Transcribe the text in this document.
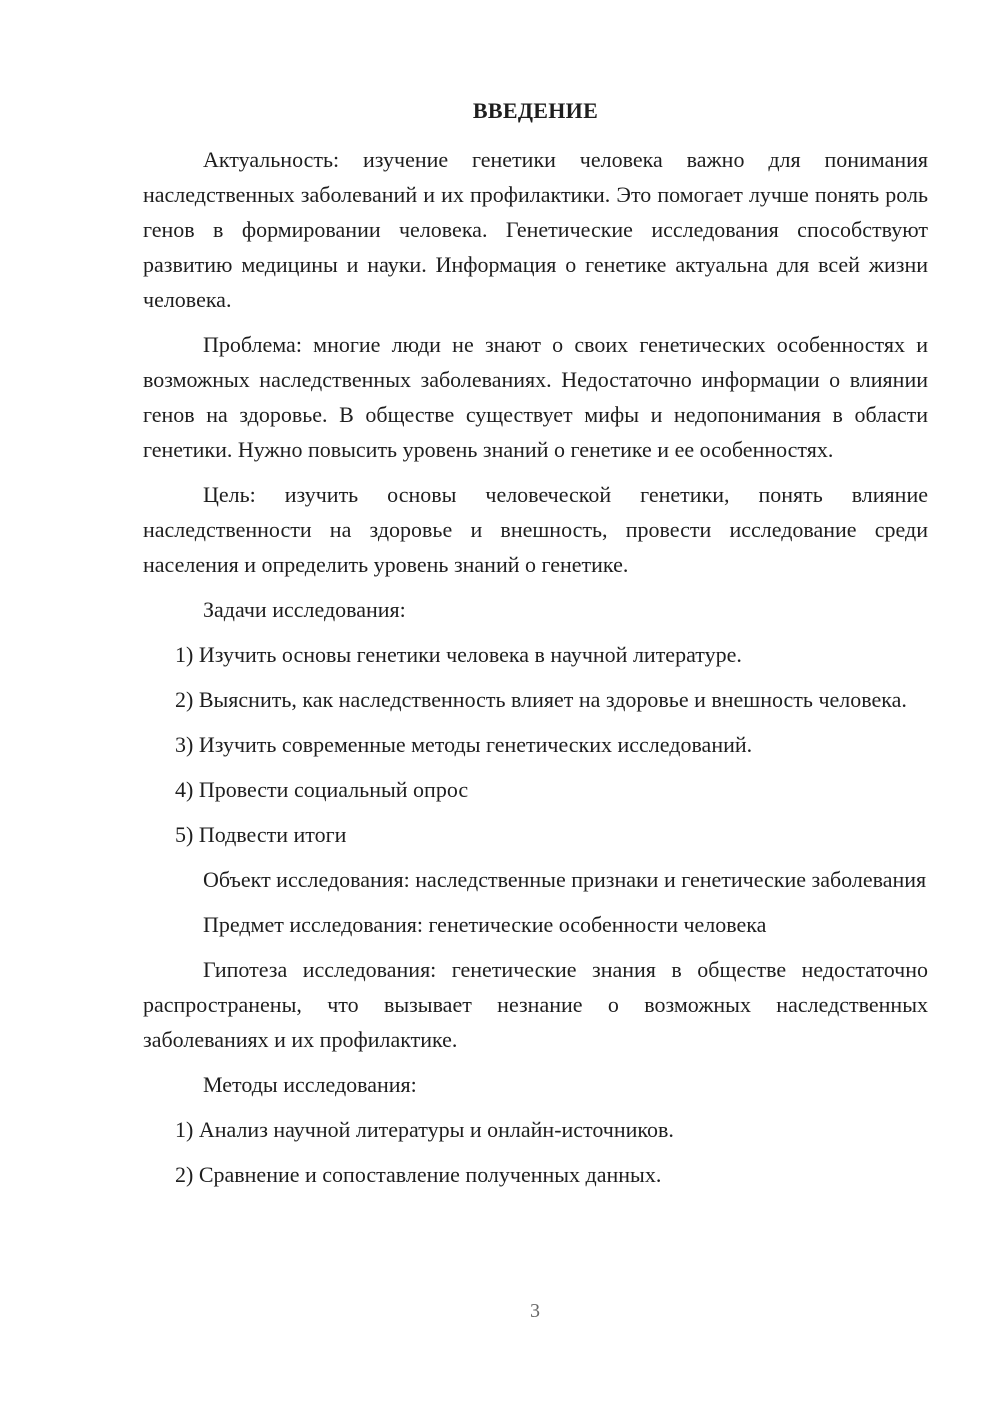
ВВЕДЕНИЕ

Актуальность: изучение генетики человека важно для понимания наследственных заболеваний и их профилактики. Это помогает лучше понять роль генов в формировании человека. Генетические исследования способствуют развитию медицины и науки. Информация о генетике актуальна для всей жизни человека.

Проблема: многие люди не знают о своих генетических особенностях и возможных наследственных заболеваниях. Недостаточно информации о влиянии генов на здоровье. В обществе существует мифы и недопонимания в области генетики. Нужно повысить уровень знаний о генетике и ее особенностях.

Цель: изучить основы человеческой генетики, понять влияние наследственности на здоровье и внешность, провести исследование среди населения и определить уровень знаний о генетике.

Задачи исследования:

1) Изучить основы генетики человека в научной литературе.

2) Выяснить, как наследственность влияет на здоровье и внешность человека.

3) Изучить современные методы генетических исследований.

4) Провести социальный опрос

5) Подвести итоги

Объект исследования: наследственные признаки и генетические заболевания

Предмет исследования: генетические особенности человека

Гипотеза исследования: генетические знания в обществе недостаточно распространены, что вызывает незнание о возможных наследственных заболеваниях и их профилактике.

Методы исследования:

1) Анализ научной литературы и онлайн-источников.

2) Сравнение и сопоставление полученных данных.

3
